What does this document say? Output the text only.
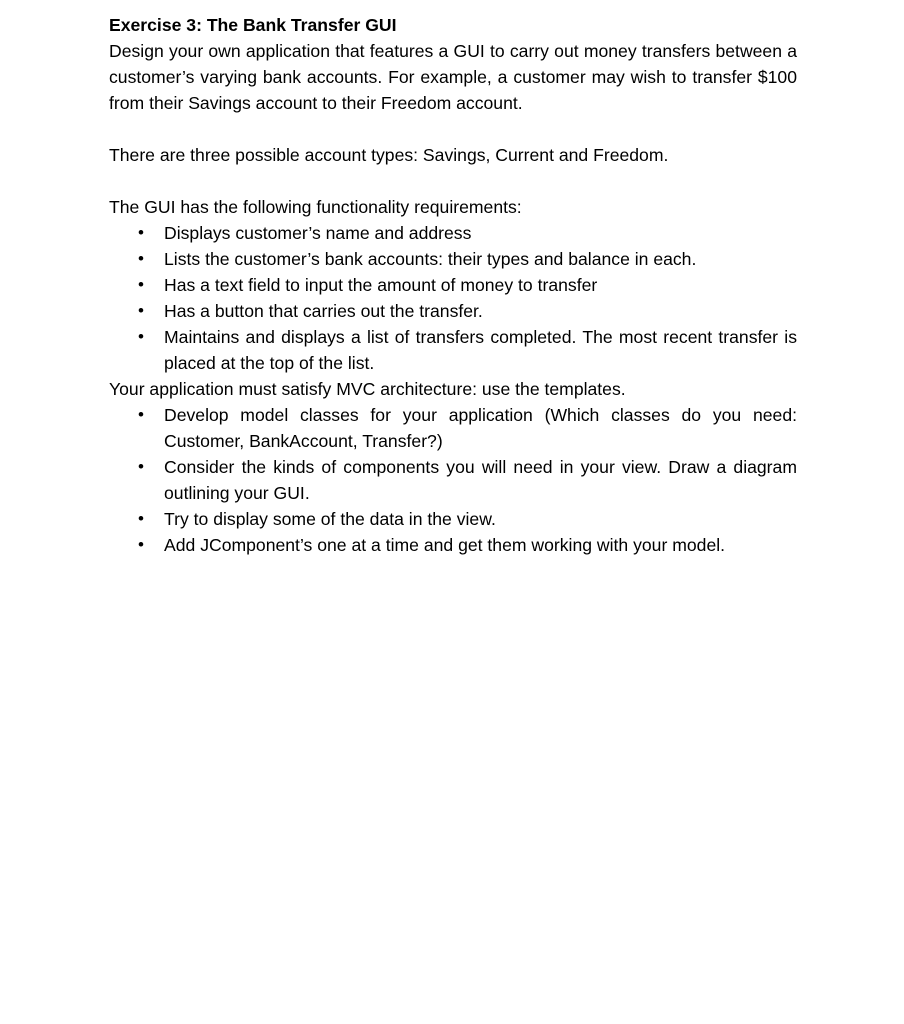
Exercise 3: The Bank Transfer GUI

Design your own application that features a GUI to carry out money transfers between a customer’s varying bank accounts. For example, a customer may wish to transfer $100 from their Savings account to their Freedom account.

There are three possible account types: Savings, Current and Freedom.

The GUI has the following functionality requirements:

•	Displays customer’s name and address
•	Lists the customer’s bank accounts: their types and balance in each.
•	Has a text field to input the amount of money to transfer
•	Has a button that carries out the transfer.
•	Maintains and displays a list of transfers completed. The most recent transfer is placed at the top of the list.

Your application must satisfy MVC architecture: use the templates.

•	Develop model classes for your application (Which classes do you need: Customer, BankAccount, Transfer?)
•	Consider the kinds of components you will need in your view. Draw a diagram outlining your GUI.
•	Try to display some of the data in the view.
•	Add JComponent’s one at a time and get them working with your model.
